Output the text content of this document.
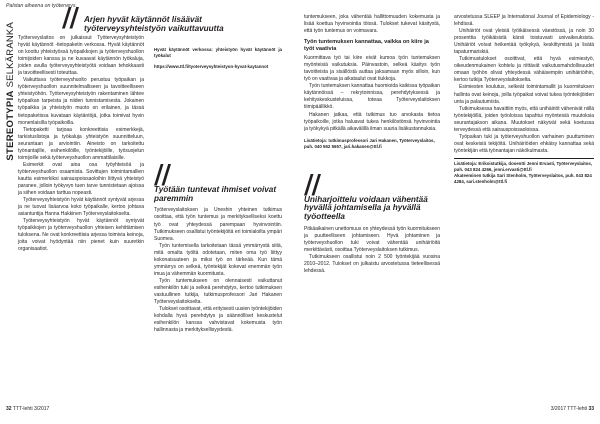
Palstan aiheena on työterveys.
STEREOTYPIA SELKÄRANKA
//

Työterveyslaitos on julkaissut Työterveysyhteistyön hyvät käytännöt -tietopaketin verkossa. Hyvät käytännöt on koottu yhteistyössä työpaikkojen ja työterveyshuollon toimijoiden kanssa ja ne kuvaavat käytännön työkaluja, joiden avulla työterveysyhteistyötä voidaan tehokkaasti ja tavoitteellisesti toteuttaa.

Vaikuttava työterveyshuolto perustuu työpaikan ja työterveyshuollon suunnitelmalliseen ja tavoitteelliseen yhteistyöhön. Työterveysyhteistyön rakentaminen lähtee työpaikan tarpeista ja niiden tunnistamisesta. Jokainen työpaikka ja yhteistyön muoto on erilainen, ja tässä tietopaketissa kuvataan käytäntöjä, jotka toimivat hyvin monenlaisilla työpaikoilla.

Tietopaketti tarjoaa konkreettisia esimerkkejä, tarkistuslistoja ja työkaluja yhteistyön suunnitteluun, seurantaan ja arviointiin. Aineisto on tarkoitettu työnantajille, esihenkilöille, työntekijöille, työsuojelun toimijoille sekä työterveyshuollon ammattilaisille.

Esimerkit ovat aina osa työyhteisöä ja työterveyshuollon osaamista. Sovittujen toimintamallien kautta esimerkiksi sairauspoissaoloihin liittyvä yhteistyö paranee, jolloin työkyvyn tuen tarve tunnistetaan ajoissa ja siihen voidaan tarttua nopeasti.

Työterveysyhteistyön hyvät käytännöt syntyvät arjessa ja ne tuovat lisäarvoa koko työpaikalle, kertoo johtava asiantuntija Hanna Hakkinen Työterveyslaitokselta.

Työterveysyhteistyön hyvät käytännöt syntyvät työpaikkojen ja työterveyshuollon yhteisen kehittämisen tuloksena. Ne ovat konkreettisia arjessa toimivia keinoja, joita voivat hyödyntää niin pienet kuin suuretkin organisaatiot.

Arjen hyvät käytännöt lisäävät työterveysyhteistyön vaikuttavuutta
Hyvät käytännöt verkossa: yhteistyön hyvät käytännöt ja työkalut
https://www.ttl.fi/tyoterveysyhteistyon-hyvat-kaytannot
//
Työtään tuntevat ihmiset voivat paremmin

Työterveyslaitoksen ja Uneshin yhteinen tutkimus osoittaa, että työn tuntemus ja merkitykselliseksi koettu työ ovat yhteydessä parempaan hyvinvointiin. Tutkimukseen osallistui työntekijöitä eri toimialoilta ympäri Suomea.

Työn tuntemisella tarkoitetaan tässä ymmärrystä siitä, mitä omalta työltä odotetaan, miten oma työ liittyy kokonaisuuteen ja miksi työ on tärkeää. Kun tämä ymmärrys on selkeä, työntekijät kokevat enemmän työn imua ja vähemmän kuormitusta.

Työn tuntemukseen on olennaisesti vaikuttanut esihenkilön tuki ja selkeä perehdytys, kertoo tutkimuksen vastuullinen tutkija, tutkimusprofessori Jari Hakanen Työterveyslaitokselta.

Tulokset osoittavat, että erityisesti uusien työntekijöiden kohdalla hyvä perehdytys ja säännölliset keskustelut esihenkilön kanssa vahvistavat kokemusta työn hallinnasta ja merkityksellisyydestä.

tuntemukseen, joka vähentää hallittomuuden kokemusta ja lisää koettua hyvinvointia töissä. Tulokset tukevat käsitystä, että työn tuntemus on voimavara.

Työn tuntemuksen kannattaa, vaikka on kiire ja työt vaativia

Kuormittava työ tai kiire eivät kumoa työn tuntemuksen myönteisiä vaikutuksia. Päinvastoin, selkeä käsitys työn tavoitteista ja sisällöstä auttaa jaksamaan myös silloin, kun työ on vaativaa ja aikataulut ovat tiukkoja.

Työn tuntemuksen kannattaa huomioida kaikissa työpaikan käytännöissä – rekrytoinnissa, perehdytyksessä ja kehityskeskusteluissa, toteaa Työterveyslaitoksen tiimipäällikkö.

Hakanen jatkaa, että tutkimus tuo arvokasta tietoa työpaikoille, jotka haluavat tukea henkilöstönsä hyvinvointia ja työkykyä pitkällä aikavälillä ilman suuria lisäkustannuksia.

Lisätietoja: tutkimusprofessori Jari Hakanen, Työterveyslaitos, puh. 040 562 5657, jari.hakanen@ttl.fi
//
Uniharjoittelu voidaan vähentää hyvällä johtamisella ja hyvällä työotteella

Pitkäaikainen unettomuus on yhteydessä työn kuormitukseen ja puutteelliseen johtamiseen. Hyvä johtaminen ja työterveyshuollon tuki voivat vähentää unihäiriöitä merkittävästi, osoittaa Työterveyslaitoksen tutkimus.

Tutkimukseen osallistui noin 2 500 työntekijää vuosina 2010–2012. Tulokset on julkaistu arvostetussa tieteellisessä lehdessä.

arvostetussa SLEEP ja International Journal of Epidemiology -lehdissä.

Unihäiriöt ovat yleisiä työikäisessä väestössä, ja noin 30 prosenttia työikäisistä kärsii toistuvasti univaikeuksista. Unihäiriöt voivat heikentää työkykyä, keskittymistä ja lisätä tapaturmariskiä.

Tutkimustulokset osoittivat, että hyvä esimiestyö, oikeudenmukainen kohtelu ja riittävät vaikutusmahdollisuudet omaan työhön olivat yhteydessä vähäisempiin unihäiriöihin, kertoo tutkija Työterveyslaitokselta.

Esimiesten koulutus, selkeät toimintamallit ja kuormituksen hallinta ovat keinoja, joilla työpaikat voivat tukea työntekijöiden unta ja palautumista.

Tutkimuksessa havaittiin myös, että unihäiriöt vähenivät niillä työntekijöillä, joiden työoloissa tapahtui myönteisiä muutoksia seurantajakson aikana. Muutokset näkyivät sekä koetussa terveydessä että sairauspoissaoloissa.

Työpaikan tuki ja työterveyshuollon varhainen puuttuminen ovat keskeisiä tekijöitä. Unihäiriöiden ehkäisy kannattaa sekä työntekijän että työnantajan näkökulmasta.

Lisätietoja: Erikoistutkija, dosentti Jenni Ervasti, Työterveyslaitos,
puh. 043 824 4266, jenni.ervasti@ttl.fi
Akateeminen tutkija Sari Stenholm, Työterveyslaitos, puh. 043 824 4284, sari.stenholm@ttl.fi
32 TTT-lehti 3/2017	3/2017 TTT-lehti 33
